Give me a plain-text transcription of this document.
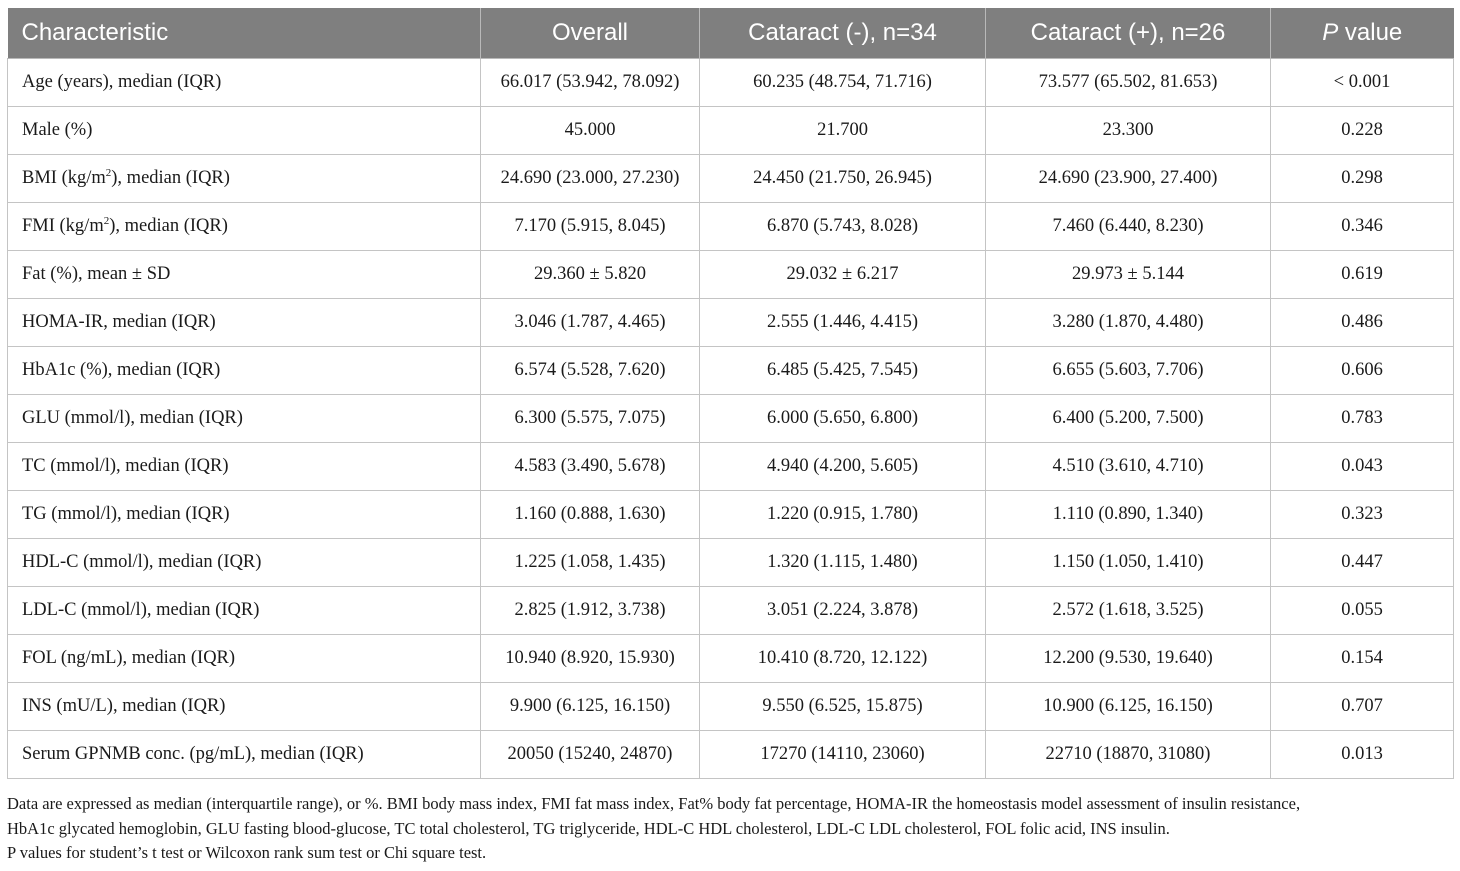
Characteristic	Overall	Cataract (-), n=34	Cataract (+), n=26	P value
Age (years), median (IQR)	66.017 (53.942, 78.092)	60.235 (48.754, 71.716)	73.577 (65.502, 81.653)	< 0.001
Male (%)	45.000	21.700	23.300	0.228
BMI $(kg/m^2)$, median (IQR)	24.690 (23.000, 27.230)	24.450 (21.750, 26.945)	24.690 (23.900, 27.400)	0.298
FMI $(kg/m^2)$, median (IQR)	7.170 (5.915, 8.045)	6.870 (5.743, 8.028)	7.460 (6.440, 8.230)	0.346
Fat (%), mean ± SD	29.360 ± 5.820	29.032 ± 6.217	29.973 ± 5.144	0.619
HOMA-IR, median (IQR)	3.046 (1.787, 4.465)	2.555 (1.446, 4.415)	3.280 (1.870, 4.480)	0.486
HbA1c (%), median (IQR)	6.574 (5.528, 7.620)	6.485 (5.425, 7.545)	6.655 (5.603, 7.706)	0.606
GLU (mmol/l), median (IQR)	6.300 (5.575, 7.075)	6.000 (5.650, 6.800)	6.400 (5.200, 7.500)	0.783
TC (mmol/l), median (IQR)	4.583 (3.490, 5.678)	4.940 (4.200, 5.605)	4.510 (3.610, 4.710)	0.043
TG (mmol/l), median (IQR)	1.160 (0.888, 1.630)	1.220 (0.915, 1.780)	1.110 (0.890, 1.340)	0.323
HDL-C (mmol/l), median (IQR)	1.225 (1.058, 1.435)	1.320 (1.115, 1.480)	1.150 (1.050, 1.410)	0.447
LDL-C (mmol/l), median (IQR)	2.825 (1.912, 3.738)	3.051 (2.224, 3.878)	2.572 (1.618, 3.525)	0.055
FOL (ng/mL), median (IQR)	10.940 (8.920, 15.930)	10.410 (8.720, 12.122)	12.200 (9.530, 19.640)	0.154
INS (mU/L), median (IQR)	9.900 (6.125, 16.150)	9.550 (6.525, 15.875)	10.900 (6.125, 16.150)	0.707
Serum GPNMB conc. (pg/mL), median (IQR)	20050 (15240, 24870)	17270 (14110, 23060)	22710 (18870, 31080)	0.013

Data are expressed as median (interquartile range), or %. BMI body mass index, FMI fat mass index, Fat% body fat percentage, HOMA-IR the homeostasis model assessment of insulin resistance,

HbA1c glycated hemoglobin, GLU fasting blood-glucose, TC total cholesterol, TG triglyceride, HDL-C HDL cholesterol, LDL-C LDL cholesterol, FOL folic acid, INS insulin.

P values for student’s t test or Wilcoxon rank sum test or Chi square test.
